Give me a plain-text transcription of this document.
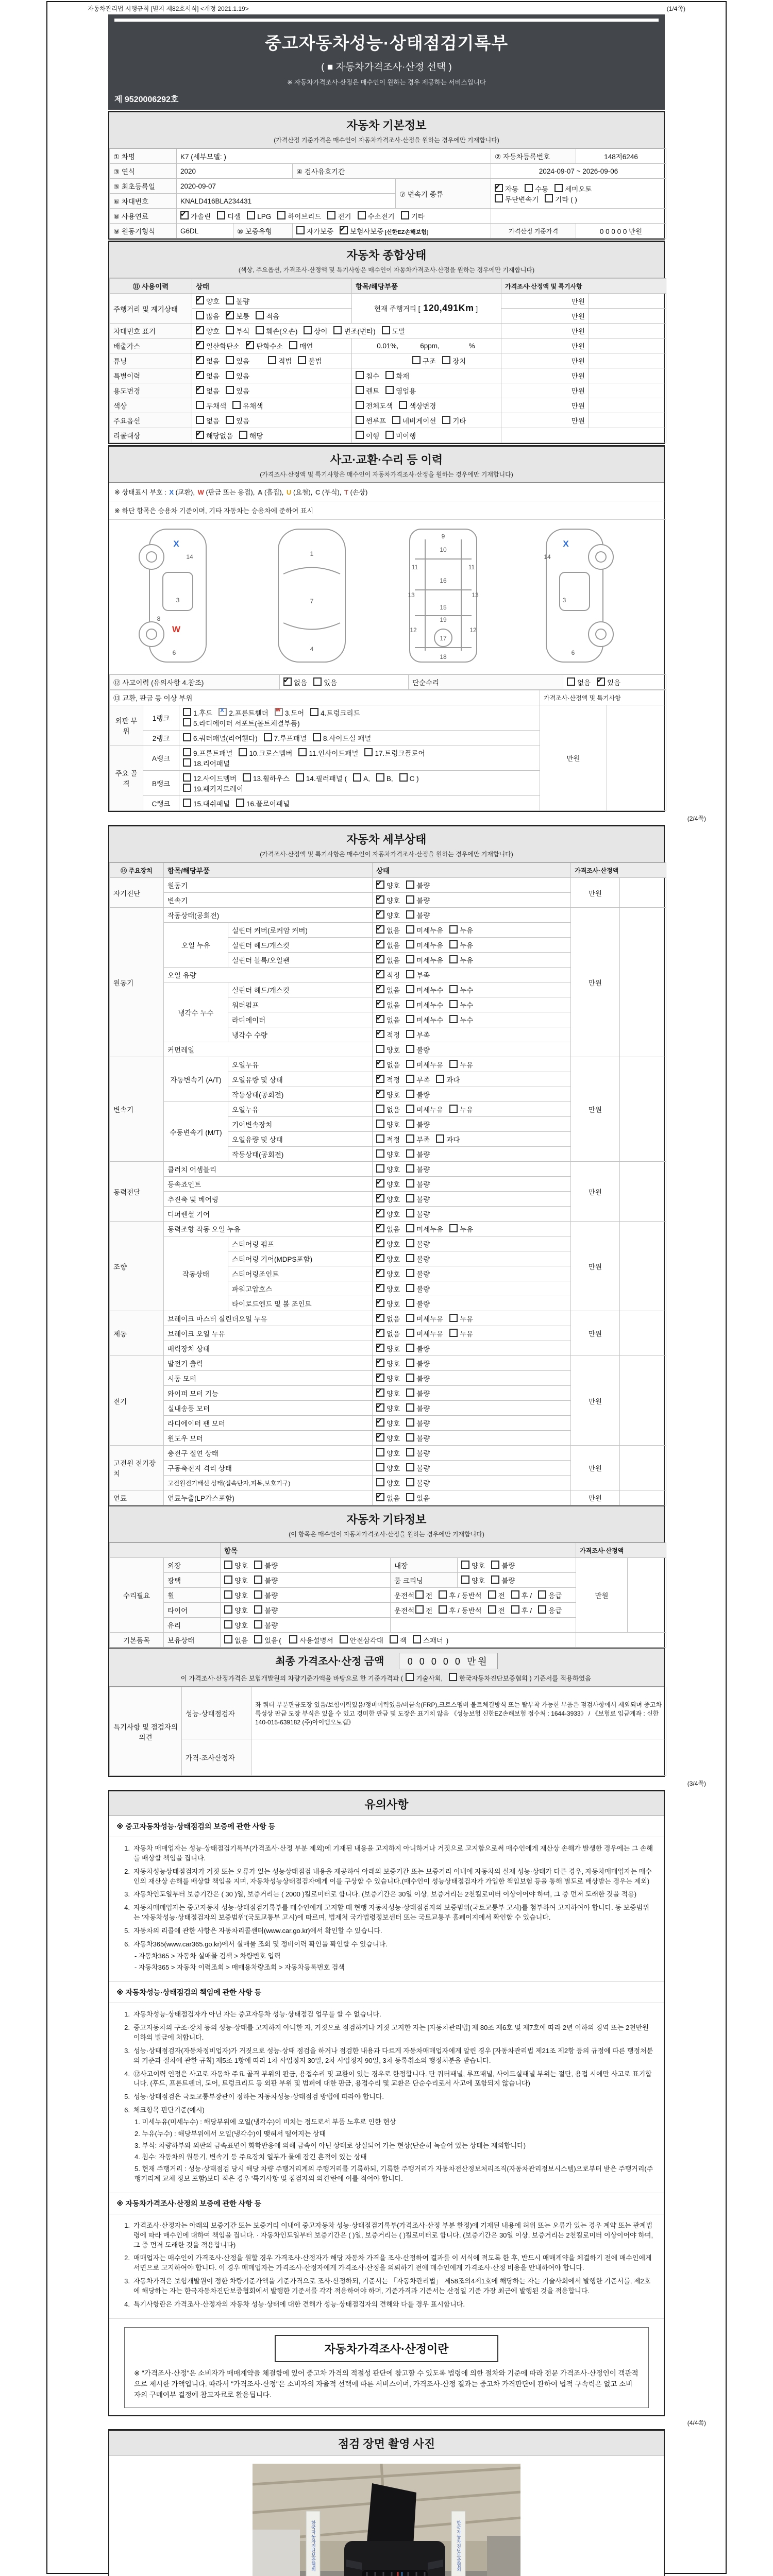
자동차관리법 시행규칙 [별지 제82호서식] <개정 2021.1.19>	(1/4쪽)
중고자동차성능·상태점검기록부
( ■ 자동차가격조사·산정 선택 )
※ 자동차가격조사·산정은 매수인이 원하는 경우 제공하는 서비스입니다
제 9520006292호
자동차 기본정보
(가격산정 기준가격은 매수인이 자동차가격조사·산정을 원하는 경우에만 기재합니다)
① 차명	K7 (세부모델: )				② 자동차등록번호	148저6246
③ 연식	2020		④ 검사유효기간		2024-09-07 ~ 2026-09-06	
⑤ 최초등록일	2020-09-07			⑦ 변속기 종류	✔자동 수동 세미오토
무단변속기 기타 ( )
⑥ 차대번호	KNALD416BLA234431					
⑧ 사용연료	✔가솔린 디젤 LPG 하이브리드 전기 수소전기 기타	
⑨ 원동기형식	G6DL	⑩ 보증유형	자가보증 ✔ 보험사보증 [신한EZ손해보험]		가격산정 기준가격	0 0 0 0 0 만원
자동차 종합상태
(색상, 주요옵션, 가격조사·산정액 및 특기사항은 매수인이 자동차가격조사·산정을 원하는 경우에만 기재합니다)
⑪ 사용이력	상태	항목/해당부품	가격조사·산정액 및 특기사항	
주행거리 및 계기상태	✔양호 불량	현재 주행거리 [ 120,491Km ]	만원	
	많음 ✔ 보통 적음		만원	
차대번호 표기	✔양호 부식 훼손(오손) 상이 변조(변타) 도말		만원	
배출가스	✔일산화탄소 ✔ 탄화수소 매연	0.01%, 6ppm, %	만원	
튜닝	✔없음 있음 적법 불법	구조 장치	만원	
특별이력	✔없음 있음	침수 화재	만원	
용도변경	✔없음 있음	렌트 영업용	만원	
색상	무채색 유채색	전체도색 색상변경	만원	
주요옵션	없음 있음	썬루프 네비게이션 기타	만원	
리콜대상	✔해당없음 해당	이행 미이행		
사고·교환·수리 등 이력
(가격조사·산정액 및 특기사항은 매수인이 자동차가격조사·산정을 원하는 경우에만 기재합니다)
※ 상태표시 부호 : X (교환), W (판금 또는 용접), A (흠집), U (요철), C (부식), T (손상)
※ 하단 항목은 승용차 기준이며, 기타 자동차는 승용차에 준하여 표시
14
3
8
6
1
7
4
9
10
11	11
16
13	13
15
19
12	12
17
18
14
3
6
X
W
X
⑫ 사고이력 (유의사항 4.참조)	✔없음 있음	단순수리	없음 ✔ 있음
⑬ 교환, 판금 등 이상 부위			가격조사·산정액 및 특기사항	
외판 부위	1랭크	1.후드 X 2.프론트휀더 W 3.도어 4.트렁크리드
5.라디에이터 서포트(볼트체결부품)	만원	
	2랭크	6.쿼터패널(리어휀다) 7.루프패널 8.사이드실 패널		
주요 골격	A랭크	9.프론트패널 10.크로스멤버 11.인사이드패널 17.트렁크플로어
18.리어패널		
	B랭크	12.사이드멤버 13.휠하우스 14.필러패널 ( A, B, C )
19.패키지트레이		
	C랭크	15.대쉬패널 16.플로어패널		
(2/4쪽)
자동차 세부상태
(가격조사·산정액 및 특기사항은 매수인이 자동차가격조사·산정을 원하는 경우에만 기재합니다)
⑭ 주요장치	항목/해당부품		상태	가격조사·산정액	
자기진단	원동기	✔양호 불량	만원	
	변속기	✔양호 불량
원동기	작동상태(공회전)	✔양호 불량	만원	
	오일 누유	실린더 커버(로커암 커버)	✔없음 미세누유 누유
		실린더 헤드/개스킷	✔없음 미세누유 누유
		실린더 블록/오일팬	✔없음 미세누유 누유
	오일 유량	✔적정 부족
	냉각수 누수	실린더 헤드/개스킷	✔없음 미세누수 누수
		워터펌프	✔없음 미세누수 누수
		라디에이터	✔없음 미세누수 누수
		냉각수 수량	✔적정 부족
	커먼레일		양호 불량		
변속기	자동변속기 (A/T)	오일누유	✔없음 미세누유 누유	만원	
		오일유량 및 상태	✔적정 부족 과다
		작동상태(공회전)	✔양호 불량
	수동변속기 (M/T)	오일누유	없음 미세누유 누유		
		기어변속장치	양호 불량		
		오일유량 및 상태	적정 부족 과다		
		작동상태(공회전)	양호 불량		
동력전달	클러치 어셈블리		양호 불량	만원	
	등속죠인트	✔양호 불량
	추진축 및 베어링	✔양호 불량
	디퍼렌셜 기어	✔양호 불량
조향	동력조향 작동 오일 누유	✔없음 미세누유 누유	만원	
	작동상태	스티어링 펌프	✔양호 불량
		스티어링 기어(MDPS포함)	✔양호 불량
		스티어링조인트	✔양호 불량
		파워고압호스	✔양호 불량
		타이로드엔드 및 볼 조인트	✔양호 불량
제동	브레이크 마스터 실린더오일 누유	✔없음 미세누유 누유	만원	
	브레이크 오일 누유	✔없음 미세누유 누유
	배력장치 상태	✔양호 불량
전기	발전기 출력	✔양호 불량	만원	
	시동 모터	✔양호 불량
	와이퍼 모터 기능	✔양호 불량
	실내송풍 모터	✔양호 불량
	라디에이터 팬 모터	✔양호 불량
	윈도우 모터	✔양호 불량
고전원 전기장치	충전구 절연 상태		양호 불량	만원	
	구동축전지 격리 상태		양호 불량		
	고전원전기배선 상태(접속단자,피복,보호기구)		양호 불량		
연료	연료누출(LP가스포함)	✔없음 있음	만원	
자동차 기타정보
(이 항목은 매수인이 자동차가격조사·산정을 원하는 경우에만 기재합니다)
		항목			가격조사·산정액	
수리필요	외장	양호 불량	내장	양호 불량	만원	
	광택	양호 불량	룸 크리닝	양호 불량		
	휠	양호 불량	운전석 전 후 / 동반석 전 후 / 응급			
	타이어	양호 불량	운전석 전 후 / 동반석 전 후 / 응급			
	유리	양호 불량				
기본품목	보유상태	없음 있음 ( 사용설명서 안전삼각대 잭 스패너 )				
최종 가격조사·산정 금액	0 0 0 0 0 만원
이 가격조사·산정가격은 보험개발원의 차량기준가액을 바탕으로 한 기준가격과 ( 기술사회,	한국자동차진단보증협회 ) 기준서를 적용하였음
특기사항 및 점검자의 의견	성능·상태점검자	좌 쿼터 부분판금도장 있음/보험이력있음/정비이력있음/비금속(FRP),크로스멤버 볼트체결방식 또는 탈부착 가능한 부품은 점검사항에서 제외되며 중고차 특성상 판금 도장 부식은 있을 수 있고 경미한 판금 및 도장은 표기치 않음 《성능보험 신한EZ손해보험 접수처 : 1644-3933》 / 《보험료 입금계좌 : 신한 140-015-639182 (주)아이엠오토랩》
	가격·조사산정자	
(3/4쪽)
유의사항
※ 중고자동차성능·상태점검의 보증에 관한 사항 등
1. 자동차 매매업자는 성능·상태점검기록부(가격조사·산정 부분 제외)에 기재된 내용을 고지하지 아니하거나 거짓으로 고지함으로써 매수인에게 재산상 손해가 발생한 경우에는 그 손해를 배상할 책임을 집니다.
2. 자동차성능상태점검자가 거짓 또는 오류가 있는 성능상태점검 내용을 제공하여 아래의 보증기간 또는 보증거리 이내에 자동차의 실제 성능·상태가 다른 경우, 자동차매매업자는 매수인의 재산상 손해를 배상할 책임을 지며, 자동차성능상태점검자에게 이를 구상할 수 있습니다.(매수인이 성능상태점검자가 가입한 책임보험 등을 통해 별도로 배상받는 경우는 제외)
3. 자동차인도일부터 보증기간은 ( 30 )일, 보증거리는 ( 2000 )킬로미터로 합니다. (보증기간은 30일 이상, 보증거리는 2천킬로미터 이상이어야 하며, 그 중 먼저 도래한 것을 적용)
4. 자동차매매업자는 중고자동차 성능·상태점검기록부를 매수인에게 고지할 때 현행 자동차성능·상태점검자의 보증범위(국토교통부 고시)를 첨부하여 고지하여야 합니다. 동 보증범위는 '자동차성능·상태점검자의 보증범위'(국토교통부 고시)에 따르며, 법제처 국가법령정보센터 또는 국토교통부 홈페이지에서 확인할 수 있습니다.
5. 자동차의 리콜에 관한 사항은 자동차리콜센터(www.car.go.kr)에서 확인할 수 있습니다.
6. 자동차365(www.car365.go.kr)에서 실매물 조회 및 정비이력 확인을 확인할 수 있습니다.
- 자동차365 > 자동차 실매물 검색 > 차량번호 입력
- 자동차365 > 자동차 이력조회 > 매매용차량조회 > 자동차등록번호 검색
※ 자동차성능·상태점검의 책임에 관한 사항 등
1. 자동차성능·상태점검자가 아닌 자는 중고자동차 성능·상태점검 업무를 할 수 없습니다.
2. 중고자동차의 구조·장치 등의 성능·상태를 고지하지 아니한 자, 거짓으로 점검하거나 거짓 고지한 자는 [자동차관리법] 제 80조 제6호 및 제7호에 따라 2년 이하의 징역 또는 2천만원 이하의 벌금에 처합니다.
3. 성능·상태점검자(자동차정비업자)가 거짓으로 성능·상태 점검을 하거나 점검한 내용과 다르게 자동차매매업자에게 알린 경우 [자동차관리법 제21조 제2항 등의 규정에 따른 행정처분의 기준과 절차에 관한 규칙] 제5조 1항에 따라 1차 사업정지 30일, 2차 사업정지 90일, 3차 등록취소의 행정처분을 받습니다.
4. ⑫사고이력 인정은 사고로 자동차 주요 골격 부위의 판금, 용접수리 및 교환이 있는 경우로 한정합니다. 단 쿼터패널, 루프패널, 사이드실패널 부위는 절단, 용접 시에만 사고로 표기합니다. (후드, 프론트펜더, 도어, 트렁크리드 등 외판 부위 및 범퍼에 대한 판금, 용접수리 및 교환은 단순수리로서 사고에 포함되지 않습니다)
5. 성능·상태점검은 국토교통부장관이 정하는 자동차성능·상태점검 방법에 따라야 합니다.
6. 체크항목 판단기준(예시)
1. 미세누유(미세누수) : 해당부위에 오일(냉각수)이 비치는 정도로서 부품 노후로 인한 현상
2. 누유(누수) : 해당부위에서 오일(냉각수)이 맺혀서 떨어지는 상태
3. 부식: 차량하부와 외판의 금속표면이 화학반응에 의해 금속이 아닌 상태로 상실되어 가는 현상(단순히 녹슬어 있는 상태는 제외합니다)
4. 침수: 자동차의 원동기, 변속기 등 주요장치 일부가 물에 잠긴 흔적이 있는 상태
5. 현재 주행거리 : 성능·상태점검 당시 해당 차량 주행거리계의 주행거리를 기록하되, 기록한 주행거리가 자동차전산정보처리조직(자동차관리정보시스템)으로부터 받은 주행거리(주행거리계 교체 정보 포함)보다 적은 경우 '특기사항 및 점검자의 의견'란에 이를 적어야 합니다.
※ 자동차가격조사·산정의 보증에 관한 사항 등
1. 가격조사·산정자는 아래의 보증기간 또는 보증거리 이내에 중고자동차 성능·상태점검기록부(가격조사·산정 부분 한정)에 기재된 내용에 허위 또는 오류가 있는 경우 계약 또는 관계법령에 따라 매수인에 대하여 책임을 집니다. · 자동차인도일부터 보증기간은 ( )일, 보증거리는 ( )킬로미터로 합니다. (보증기간은 30일 이상, 보증거리는 2천킬로미터 이상이어야 하며, 그 중 먼저 도래한 것을 적용합니다)
2. 매매업자는 매수인이 가격조사·산정을 원할 경우 가격조사·산정자가 해당 자동차 가격을 조사·산정하여 결과를 이 서식에 적도록 한 후, 반드시 매매계약을 체결하기 전에 매수인에게 서면으로 고지하여야 합니다. 이 경우 매매업자는 가격조사·산정자에게 가격조사·산정을 의뢰하기 전에 매수인에게 가격조사·산정 비용을 안내하여야 합니다.
3. 자동차가격은 보험개발원이 정한 차량기준가액을 기준가격으로 조사·산정하되, 기준서는 「자동차관리법」 제58조의4제1호에 해당하는 자는 기술사회에서 발행한 기준서를, 제2호에 해당하는 자는 한국자동차진단보증협회에서 발행한 기준서를 각각 적용하여야 하며, 기준가격과 기준서는 산정일 기준 가장 최근에 발행된 것을 적용합니다.
4. 특기사항란은 가격조사·산정자의 자동차 성능·상태에 대한 견해가 성능·상태점검자의 견해와 다를 경우 표시합니다.
자동차가격조사·산정이란
※ "가격조사·산정"은 소비자가 매매계약을 체결함에 있어 중고차 가격의 적절성 판단에 참고할 수 있도록 법령에 의한 절차와 기준에 따라 전문 가격조사·산정인이 객관적으로 제시한 가액입니다. 따라서 "가격조사·산정"은 소비자의 자율적 선택에 따른 서비스이며, 가격조사·산정 결과는 중고차 가격판단에 관하여 법적 구속력은 없고 소비자의 구매여부 결정에 참고자료로 활용됩니다.
(4/4쪽)
점검 장면 촬영 사진
한국자동차진단보증협회	한국자동차진단보증협회
